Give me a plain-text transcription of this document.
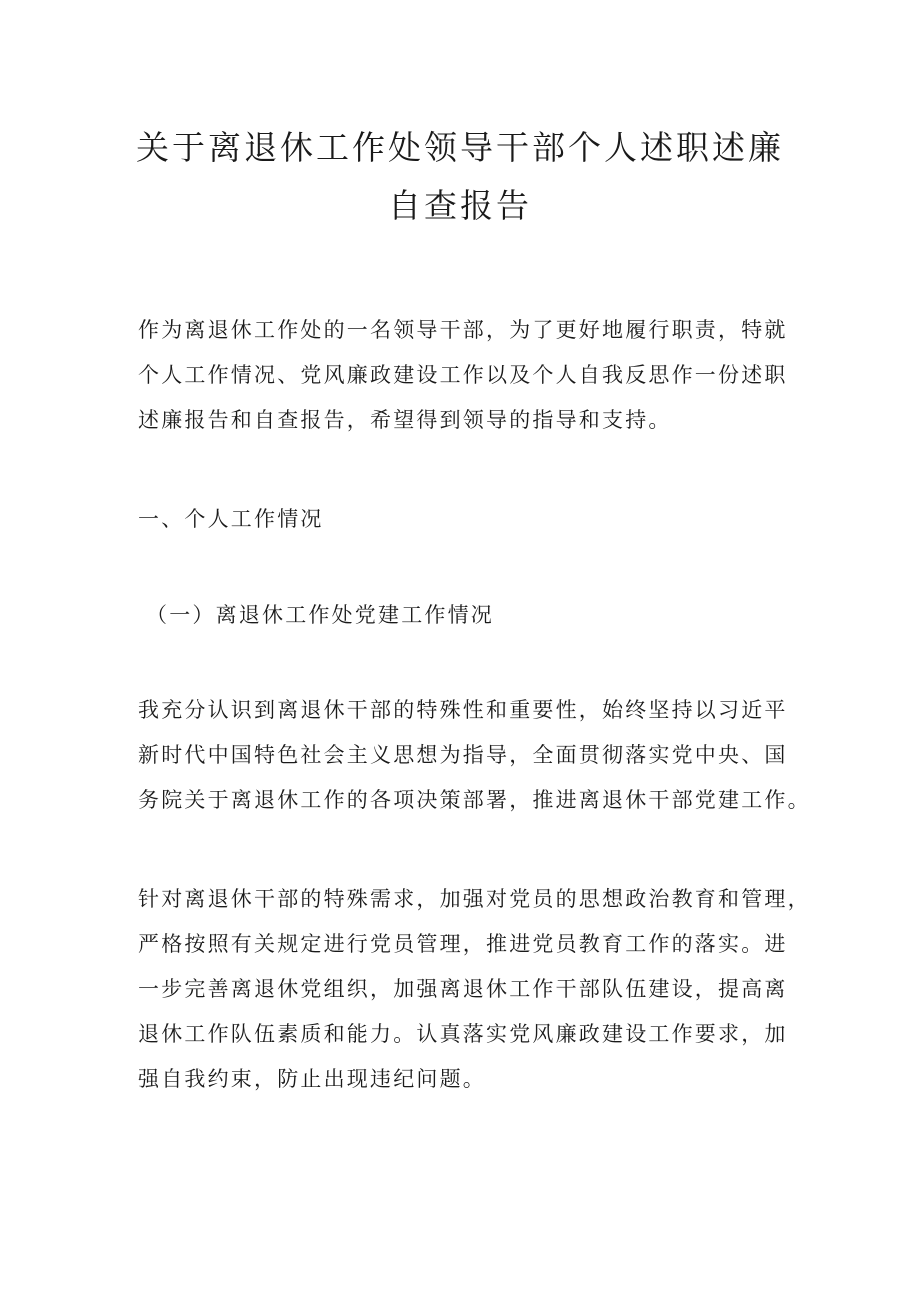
关于离退休工作处领导干部个人述职述廉
自查报告

作为离退休工作处的一名领导干部，为了更好地履行职责，特就
个人工作情况、党风廉政建设工作以及个人自我反思作一份述职
述廉报告和自查报告，希望得到领导的指导和支持。

一、个人工作情况

（一）离退休工作处党建工作情况

我充分认识到离退休干部的特殊性和重要性，始终坚持以习近平
新时代中国特色社会主义思想为指导，全面贯彻落实党中央、国
务院关于离退休工作的各项决策部署，推进离退休干部党建工作。

针对离退休干部的特殊需求，加强对党员的思想政治教育和管理，
严格按照有关规定进行党员管理，推进党员教育工作的落实。进
一步完善离退休党组织，加强离退休工作干部队伍建设，提高离
退休工作队伍素质和能力。认真落实党风廉政建设工作要求，加
强自我约束，防止出现违纪问题。
